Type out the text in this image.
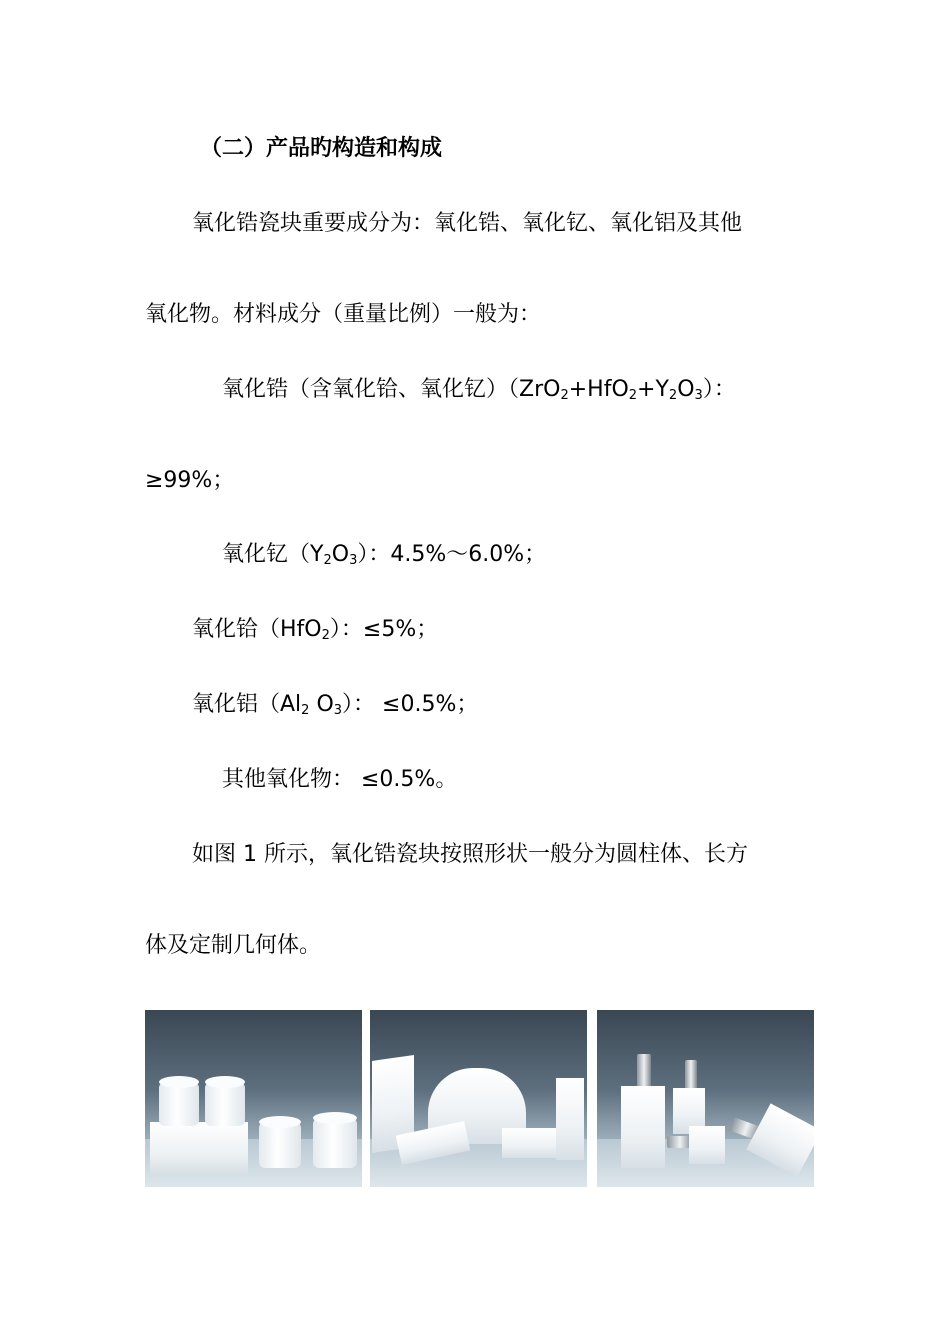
（二）产品旳构造和构成
氧化锆瓷块重要成分为：氧化锆、氧化钇、氧化铝及其他
氧化物。材料成分（重量比例）一般为：
氧化锆（含氧化铪、氧化钇）$(ZrO_2+HfO_2+Y_2O_3)$：
≥99%；
氧化钇$(Y_2O_3)$：4.5%～6.0%；
氧化铪（HfO$_2$）：≤5%；
氧化铝（$Al_2$ $O_3$）： ≤0.5%；
其他氧化物： ≤0.5%。
如图 1 所示，氧化锆瓷块按照形状一般分为圆柱体、长方
体及定制几何体。
